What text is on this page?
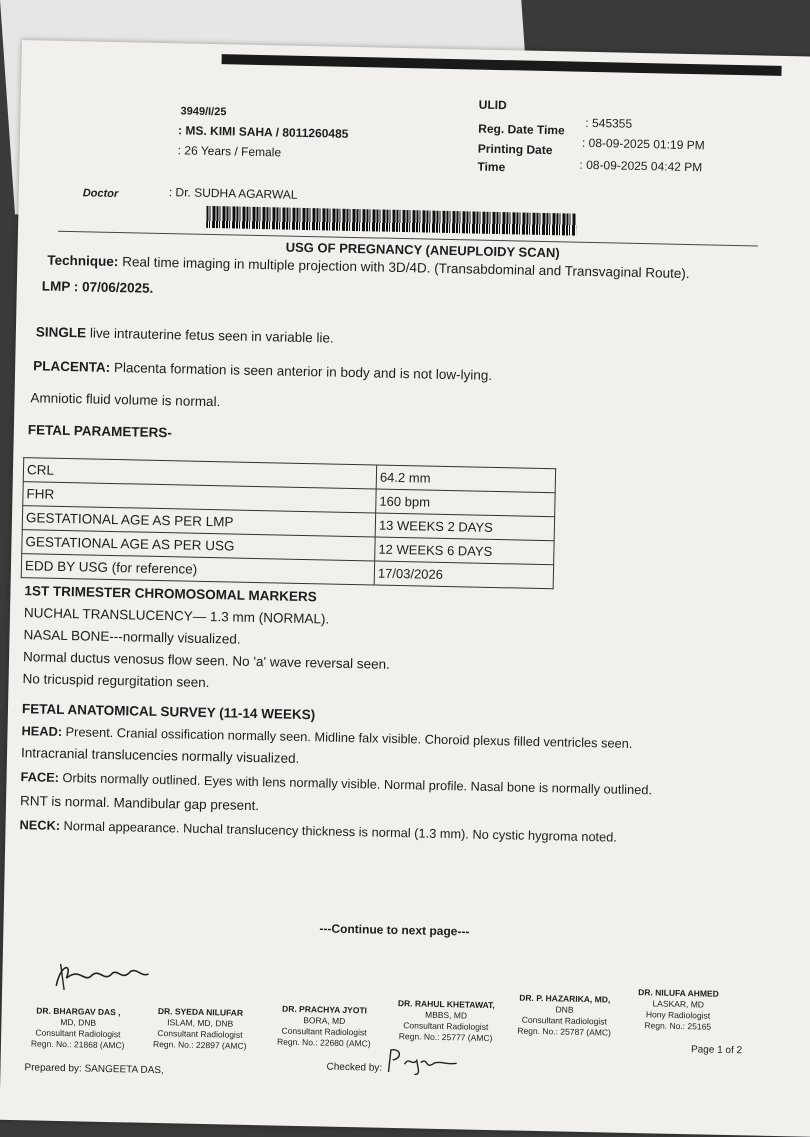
3949/I/25
: MS. KIMI SAHA / 8011260485
: 26 Years / Female
Doctor	: Dr. SUDHA AGARWAL
ULID
: 545355
Reg. Date Time
: 08-09-2025 01:19 PM
Printing Date
Time	: 08-09-2025 04:42 PM
USG OF PREGNANCY (ANEUPLOIDY SCAN)
Technique: Real time imaging in multiple projection with 3D/4D. (Transabdominal and Transvaginal Route).
LMP : 07/06/2025.
SINGLE live intrauterine fetus seen in variable lie.
PLACENTA: Placenta formation is seen anterior in body and is not low-lying.
Amniotic fluid volume is normal.
FETAL PARAMETERS-
CRL	64.2 mm
FHR	160 bpm
GESTATIONAL AGE AS PER LMP	13 WEEKS 2 DAYS
GESTATIONAL AGE AS PER USG	12 WEEKS 6 DAYS
EDD BY USG (for reference)	17/03/2026
1ST TRIMESTER CHROMOSOMAL MARKERS
NUCHAL TRANSLUCENCY— 1.3 mm (NORMAL).
NASAL BONE---normally visualized.
Normal ductus venosus flow seen. No 'a' wave reversal seen.
No tricuspid regurgitation seen.
FETAL ANATOMICAL SURVEY (11-14 WEEKS)
HEAD: Present. Cranial ossification normally seen. Midline falx visible. Choroid plexus filled ventricles seen.
Intracranial translucencies normally visualized.
FACE: Orbits normally outlined. Eyes with lens normally visible. Normal profile. Nasal bone is normally outlined.
RNT is normal. Mandibular gap present.
NECK: Normal appearance. Nuchal translucency thickness is normal (1.3 mm). No cystic hygroma noted.
---Continue to next page---
DR. BHARGAV DAS ,
MD, DNB
Consultant Radiologist
Regn. No.: 21868 (AMC)
DR. SYEDA NILUFAR
ISLAM, MD, DNB
Consultant Radiologist
Regn. No.: 22897 (AMC)
DR. PRACHYA JYOTI
BORA, MD
Consultant Radiologist
Regn. No.: 22680 (AMC)
DR. RAHUL KHETAWAT,
MBBS, MD
Consultant Radiologist
Regn. No.: 25777 (AMC)
DR. P. HAZARIKA, MD,
DNB
Consultant Radiologist
Regn. No.: 25787 (AMC)
DR. NILUFA AHMED
LASKAR, MD
Hony Radiologist
Regn. No.: 25165
Prepared by: SANGEETA DAS,	Checked by:
Page 1 of 2
